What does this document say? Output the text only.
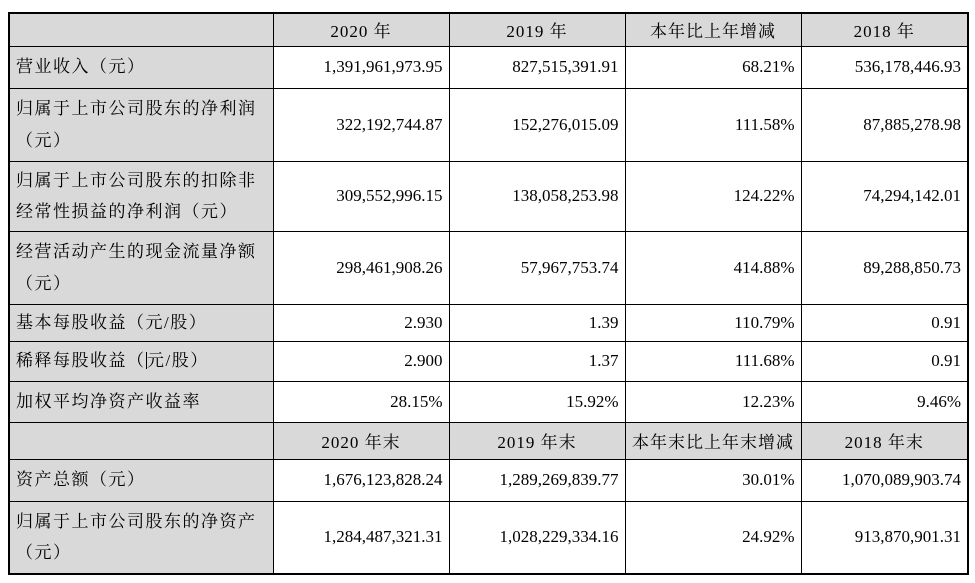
	2020 年	2019 年	本年比上年增减	2018 年
营业收入（元）	1,391,961,973.95	827,515,391.91	68.21%	536,178,446.93
归属于上市公司股东的净利润（元）	322,192,744.87	152,276,015.09	111.58%	87,885,278.98
归属于上市公司股东的扣除非经常性损益的净利润（元）	309,552,996.15	138,058,253.98	124.22%	74,294,142.01
经营活动产生的现金流量净额（元）	298,461,908.26	57,967,753.74	414.88%	89,288,850.73
基本每股收益（元/股）	2.930	1.39	110.79%	0.91
稀释每股收益（元/股）	2.900	1.37	111.68%	0.91
加权平均净资产收益率	28.15%	15.92%	12.23%	9.46%
	2020 年末	2019 年末	本年末比上年末增减	2018 年末
资产总额（元）	1,676,123,828.24	1,289,269,839.77	30.01%	1,070,089,903.74
归属于上市公司股东的净资产（元）	1,284,487,321.31	1,028,229,334.16	24.92%	913,870,901.31
